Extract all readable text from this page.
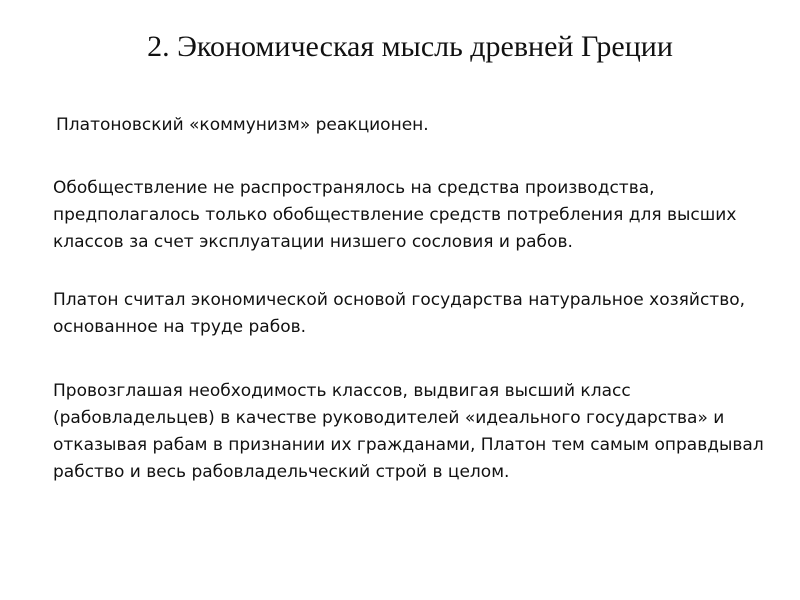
2. Экономическая мысль древней Греции
Платоновский «коммунизм» реакционен.
Обобществление не распространялось на средства производства, предполагалось только обобществление средств потребления для высших классов за счет эксплуатации низшего сословия и рабов.
Платон считал экономической основой государства натуральное хозяйство, основанное на труде рабов.
Провозглашая необходимость классов, выдвигая высший класс (рабовладельцев) в качестве руководителей «идеального государства» и отказывая рабам в признании их гражданами, Платон тем самым оправдывал рабство и весь рабовладельческий строй в целом.
